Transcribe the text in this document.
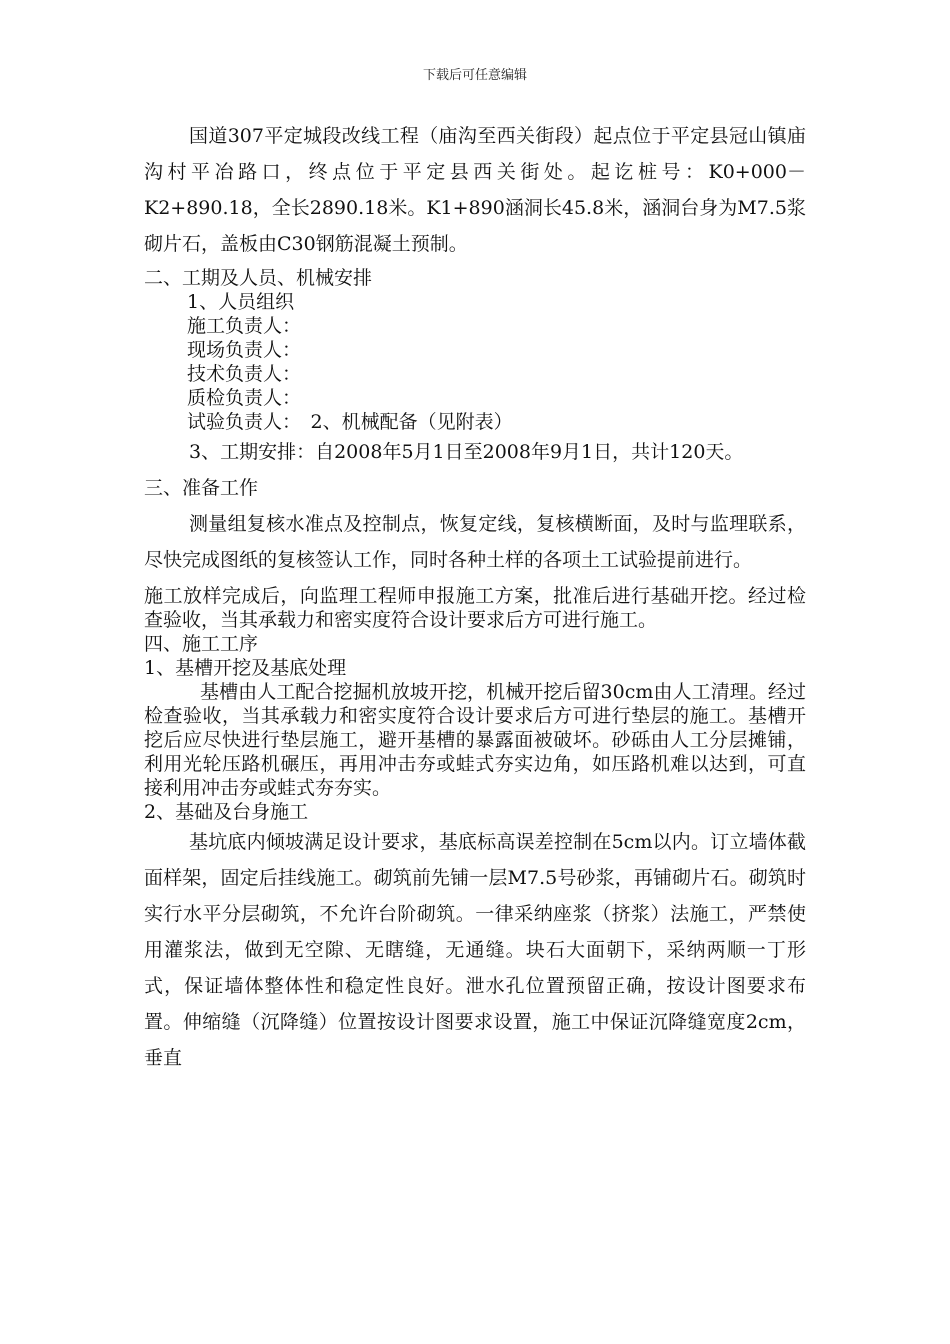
下载后可任意编辑

国道307平定城段改线工程（庙沟至西关街段）起点位于平定县冠山镇庙沟村平冶路口，终点位于平定县西关街处。起讫桩号：K0+000－K2+890.18，全长2890.18米。K1+890涵洞长45.8米，涵洞台身为M7.5浆砌片石，盖板由C30钢筋混凝土预制。

二、工期及人员、机械安排

1、人员组织

施工负责人：

现场负责人：

技术负责人：

质检负责人：

试验负责人：　2、机械配备（见附表）

3、工期安排：自2008年5月1日至2008年9月1日，共计120天。

三、准备工作

测量组复核水准点及控制点，恢复定线，复核横断面，及时与监理联系，尽快完成图纸的复核签认工作，同时各种土样的各项土工试验提前进行。

施工放样完成后，向监理工程师申报施工方案，批准后进行基础开挖。经过检查验收，当其承载力和密实度符合设计要求后方可进行施工。

四、施工工序

1、基槽开挖及基底处理

基槽由人工配合挖掘机放坡开挖，机械开挖后留30cm由人工清理。经过检查验收，当其承载力和密实度符合设计要求后方可进行垫层的施工。基槽开挖后应尽快进行垫层施工，避开基槽的暴露面被破坏。砂砾由人工分层摊铺，利用光轮压路机碾压，再用冲击夯或蛙式夯实边角，如压路机难以达到，可直接利用冲击夯或蛙式夯夯实。

2、基础及台身施工

基坑底内倾坡满足设计要求，基底标高误差控制在5cm以内。订立墙体截面样架，固定后挂线施工。砌筑前先铺一层M7.5号砂浆，再铺砌片石。砌筑时实行水平分层砌筑，不允许台阶砌筑。一律采纳座浆（挤浆）法施工，严禁使用灌浆法，做到无空隙、无瞎缝，无通缝。块石大面朝下，采纳两顺一丁形式，保证墙体整体性和稳定性良好。泄水孔位置预留正确，按设计图要求布置。伸缩缝（沉降缝）位置按设计图要求设置，施工中保证沉降缝宽度2cm，垂直
